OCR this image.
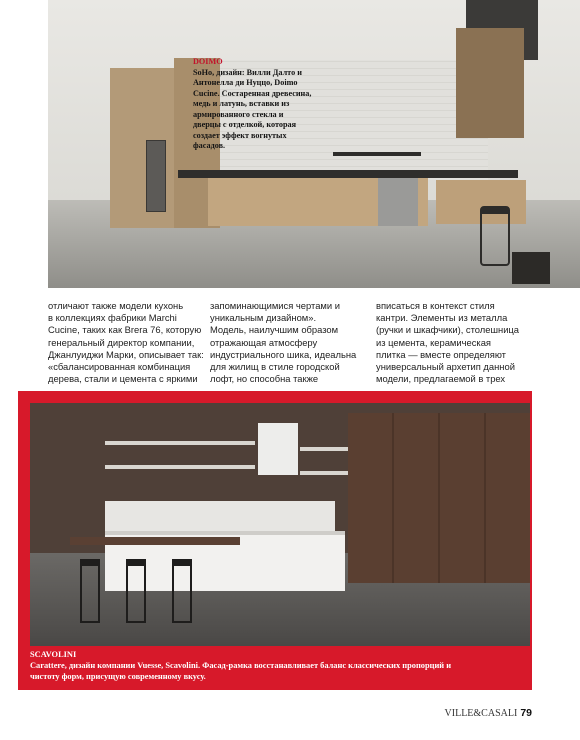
DOIMO
SoHo, дизайн: Вилли Далто и
Антонелла ди Нуццо, Doimo
Cucine. Состаренная древесина,
медь и латунь, вставки из
армированного стекла и
дверцы с отделкой, которая
создает эффект вогнутых
фасадов.
отличают также модели кухонь
в коллекциях фабрики Marchi
Cucine, таких как Brera 76, которую
генеральный директор компании,
Джанлуиджи Марки, описывает так:
«сбалансированная комбинация
дерева, стали и цемента с яркими
запоминающимися чертами и
уникальным дизайном».
Модель, наилучшим образом
отражающая атмосферу
индустриального шика, идеальна
для жилищ в стиле городской
лофт, но способна также
вписаться в контекст стиля
кантри. Элементы из металла
(ручки и шкафчики), столешница
из цемента, керамическая
плитка — вместе определяют
универсальный архетип данной
модели, предлагаемой в трех
SCAVOLINI
Carattere, дизайн компании Vuesse, Scavolini. Фасад-рамка восстанавливает баланс классических пропорций и
чистоту форм, присущую современному вкусу.
VILLE&CASALI 79
